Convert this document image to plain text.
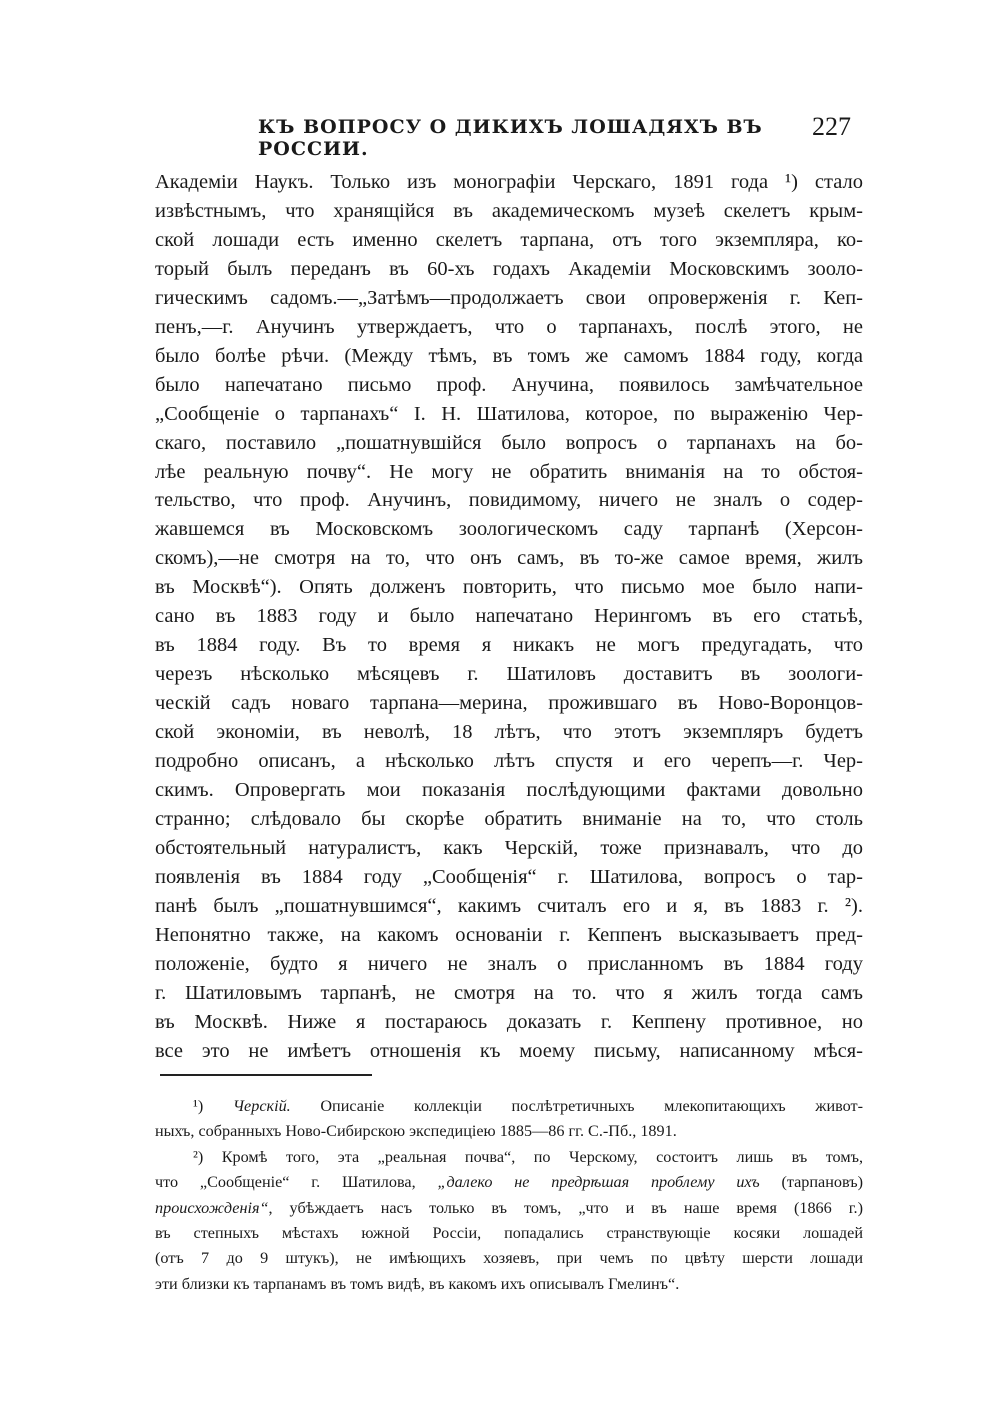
КЪ ВОПРОСУ О ДИКИХЪ ЛОШАДЯХЪ ВЪ РОССИИ.
227
Академіи Наукъ. Только изъ монографіи Черскаго, 1891 года ¹) стало
извѣстнымъ, что хранящійся въ академическомъ музеѣ скелетъ крым-
ской лошади есть именно скелетъ тарпана, отъ того экземпляра, ко-
торый былъ переданъ въ 60-хъ годахъ Академіи Московскимъ зооло-
гическимъ садомъ.—„Затѣмъ—продолжаетъ свои опроверженія г. Кеп-
пенъ,—г. Анучинъ утверждаетъ, что о тарпанахъ, послѣ этого, не
было болѣе рѣчи. (Между тѣмъ, въ томъ же самомъ 1884 году, когда
было напечатано письмо проф. Анучина, появилось замѣчательное
„Сообщеніе о тарпанахъ“ І. Н. Шатилова, которое, по выраженію Чер-
скаго, поставило „пошатнувшійся было вопросъ о тарпанахъ на бо-
лѣе реальную почву“. Не могу не обратить вниманія на то обстоя-
тельство, что проф. Анучинъ, повидимому, ничего не зналъ о содер-
жавшемся въ Московскомъ зоологическомъ саду тарпанѣ (Херсон-
скомъ),—не смотря на то, что онъ самъ, въ то-же самое время, жилъ
въ Москвѣ“). Опять долженъ повторить, что письмо мое было напи-
сано въ 1883 году и было напечатано Нерингомъ въ его статьѣ,
въ 1884 году. Въ то время я никакъ не могъ предугадать, что
черезъ нѣсколько мѣсяцевъ г. Шатиловъ доставитъ въ зоологи-
ческій садъ новаго тарпана—мерина, прожившаго въ Ново-Воронцов-
ской экономіи, въ неволѣ, 18 лѣтъ, что этотъ экземпляръ будетъ
подробно описанъ, а нѣсколько лѣтъ спустя и его черепъ—г. Чер-
скимъ. Опровергать мои показанія послѣдующими фактами довольно
странно; слѣдовало бы скорѣе обратить вниманіе на то, что столь
обстоятельный натуралистъ, какъ Черскій, тоже признавалъ, что до
появленія въ 1884 году „Сообщенія“ г. Шатилова, вопросъ о тар-
панѣ былъ „пошатнувшимся“, какимъ считалъ его и я, въ 1883 г. ²).
Непонятно также, на какомъ основаніи г. Кеппенъ высказываетъ пред-
положеніе, будто я ничего не зналъ о присланномъ въ 1884 году
г. Шатиловымъ тарпанѣ, не смотря на то. что я жилъ тогда самъ
въ Москвѣ. Ниже я постараюсь доказать г. Кеппену противное, но
все это не имѣетъ отношенія къ моему письму, написанному мѣся-
¹) Черскій. Описаніе коллекціи послѣтретичныхъ млекопитающихъ живот-
ныхъ, собранныхъ Ново-Сибирскою экспедиціею 1885—86 гг. С.-Пб., 1891.
²) Кромѣ того, эта „реальная почва“, по Черскому, состоитъ лишь въ томъ,
что „Сообщеніе“ г. Шатилова, „далеко не предрѣшая проблему ихъ (тарпановъ)
происхожденія“, убѣждаетъ насъ только въ томъ, „что и въ наше время (1866 г.)
въ степныхъ мѣстахъ южной Россіи, попадались странствующіе косяки лошадей
(отъ 7 до 9 штукъ), не имѣющихъ хозяевъ, при чемъ по цвѣту шерсти лошади
эти близки къ тарпанамъ въ томъ видѣ, въ какомъ ихъ описывалъ Гмелинъ“.
